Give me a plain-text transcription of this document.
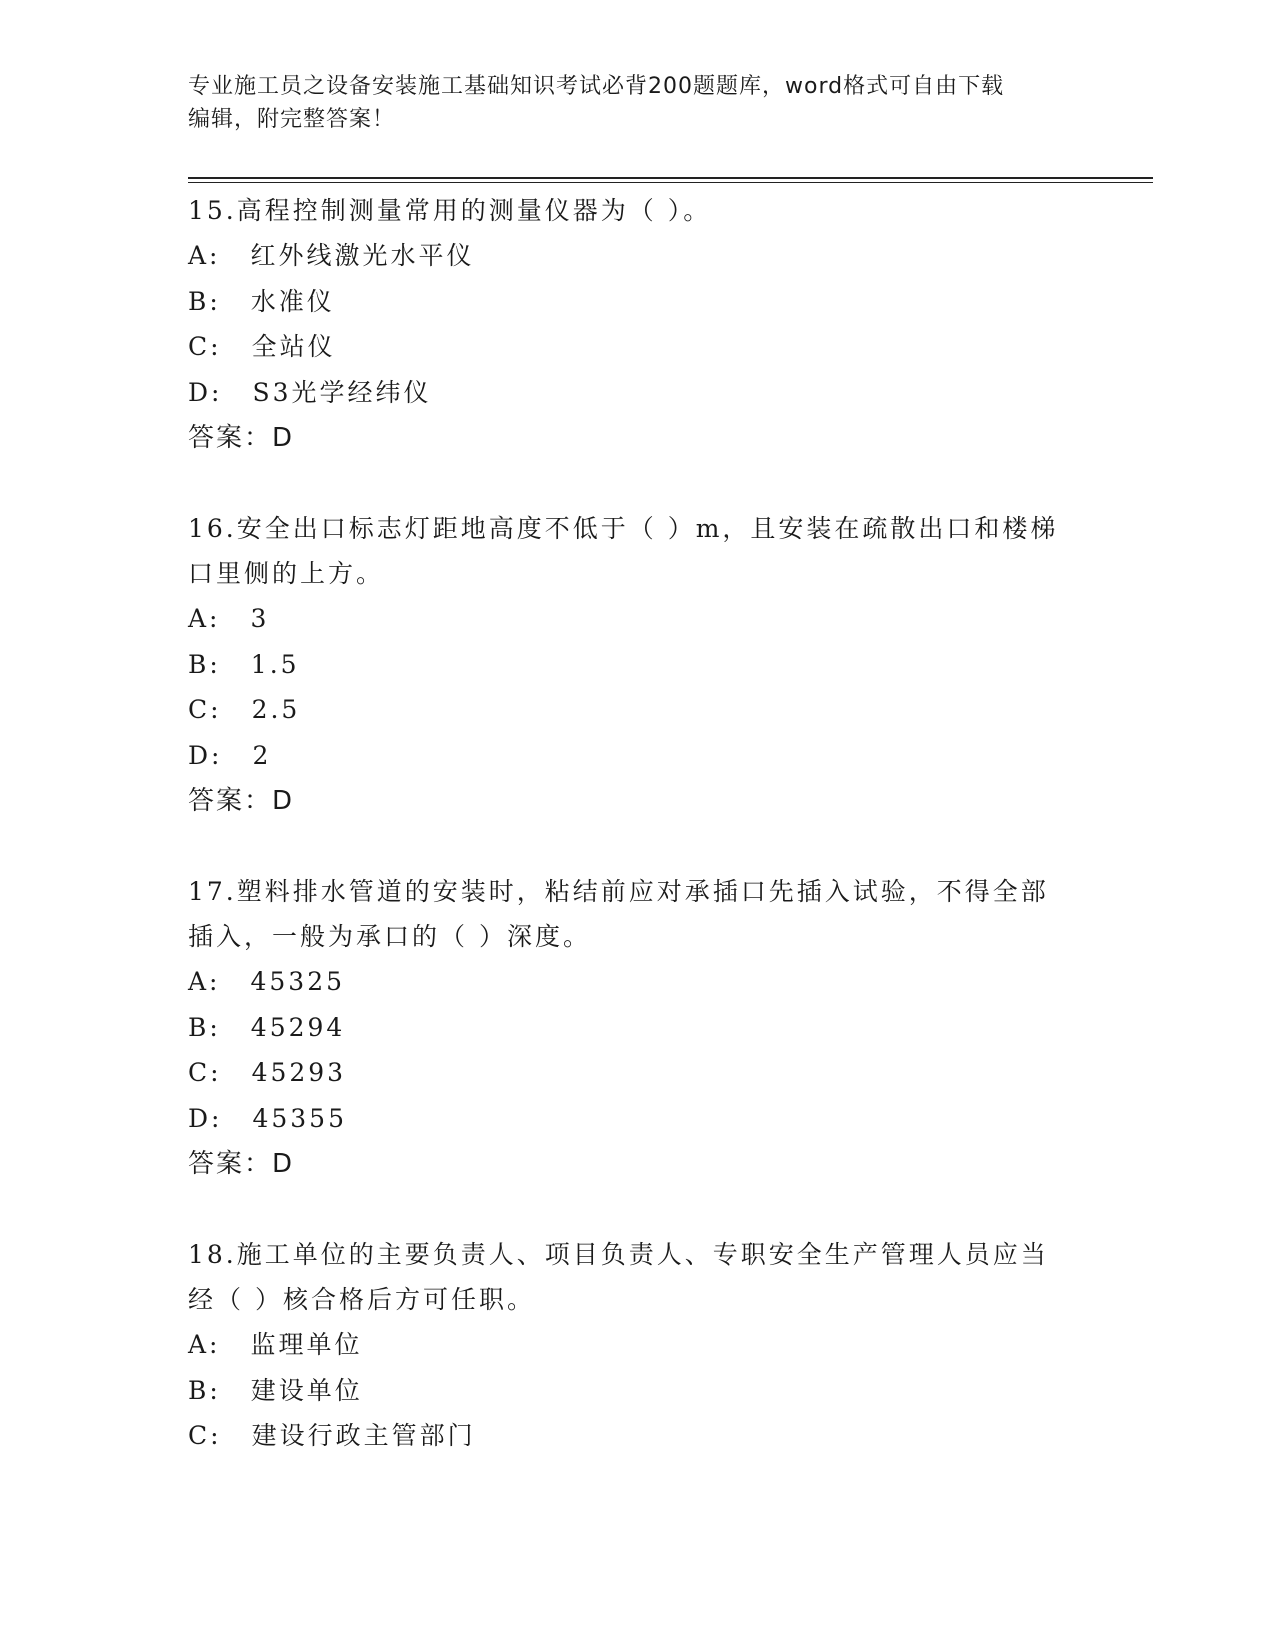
专业施工员之设备安装施工基础知识考试必背200题题库，word格式可自由下载

编辑，附完整答案！

15.高程控制测量常用的测量仪器为（ ）。

A: 红外线激光水平仪

B: 水准仪

C: 全站仪

D: S3光学经纬仪

答案：D

16.安全出口标志灯距地高度不低于（ ）m，且安装在疏散出口和楼梯

口里侧的上方。

A: 3

B: 1.5

C: 2.5

D: 2

答案：D

17.塑料排水管道的安装时，粘结前应对承插口先插入试验，不得全部

插入，一般为承口的（ ）深度。

A: 45325

B: 45294

C: 45293

D: 45355

答案：D

18.施工单位的主要负责人、项目负责人、专职安全生产管理人员应当

经（ ）核合格后方可任职。

A: 监理单位

B: 建设单位

C: 建设行政主管部门
